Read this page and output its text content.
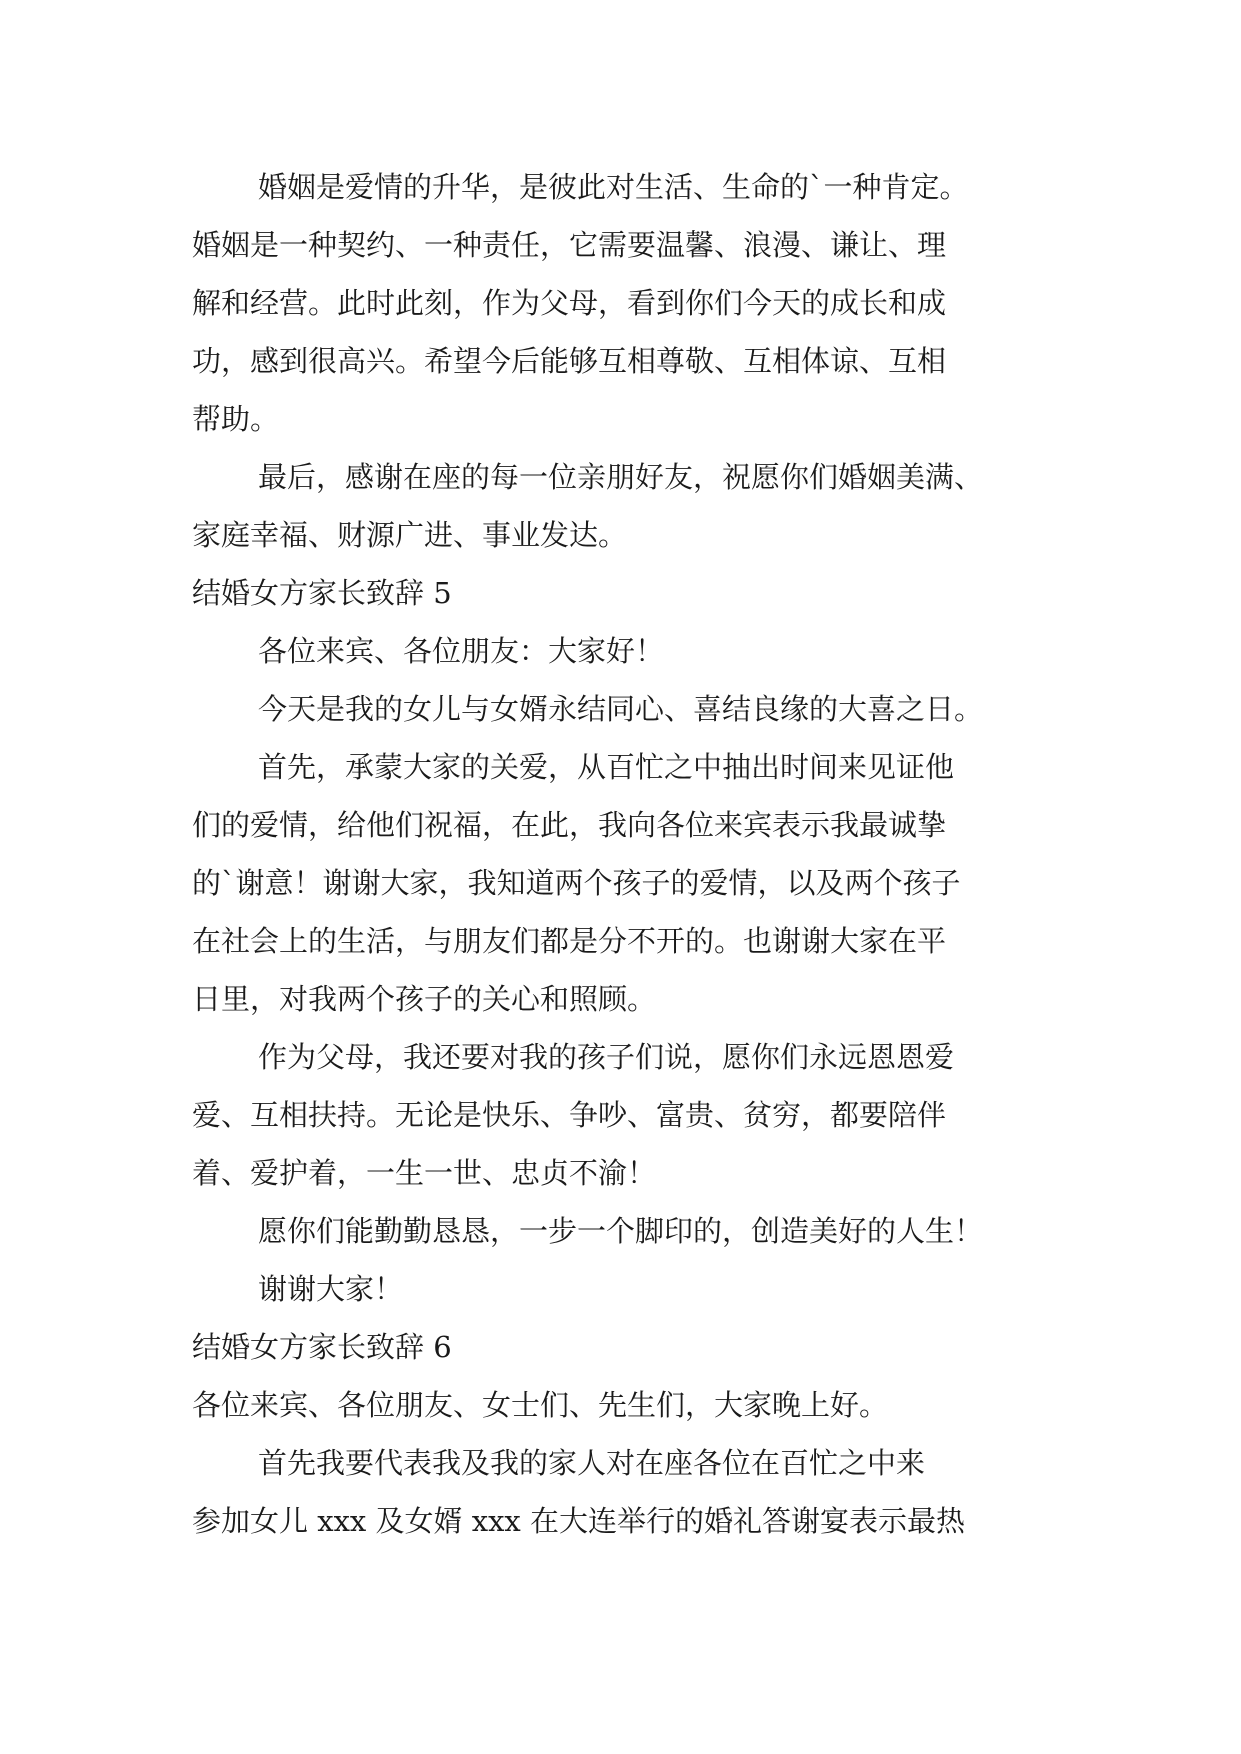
婚姻是爱情的升华，是彼此对生活、生命的`一种肯定。
婚姻是一种契约、一种责任，它需要温馨、浪漫、谦让、理
解和经营。此时此刻，作为父母，看到你们今天的成长和成
功，感到很高兴。希望今后能够互相尊敬、互相体谅、互相
帮助。
最后，感谢在座的每一位亲朋好友，祝愿你们婚姻美满、
家庭幸福、财源广进、事业发达。
结婚女方家长致辞 5
各位来宾、各位朋友：大家好！
今天是我的女儿与女婿永结同心、喜结良缘的大喜之日。
首先，承蒙大家的关爱，从百忙之中抽出时间来见证他
们的爱情，给他们祝福，在此，我向各位来宾表示我最诚挚
的`谢意！谢谢大家，我知道两个孩子的爱情，以及两个孩子
在社会上的生活，与朋友们都是分不开的。也谢谢大家在平
日里，对我两个孩子的关心和照顾。
作为父母，我还要对我的孩子们说，愿你们永远恩恩爱
爱、互相扶持。无论是快乐、争吵、富贵、贫穷，都要陪伴
着、爱护着，一生一世、忠贞不渝！
愿你们能勤勤恳恳，一步一个脚印的，创造美好的人生！
谢谢大家！
结婚女方家长致辞 6
各位来宾、各位朋友、女士们、先生们，大家晚上好。
首先我要代表我及我的家人对在座各位在百忙之中来
参加女儿 xxx 及女婿 xxx 在大连举行的婚礼答谢宴表示最热
